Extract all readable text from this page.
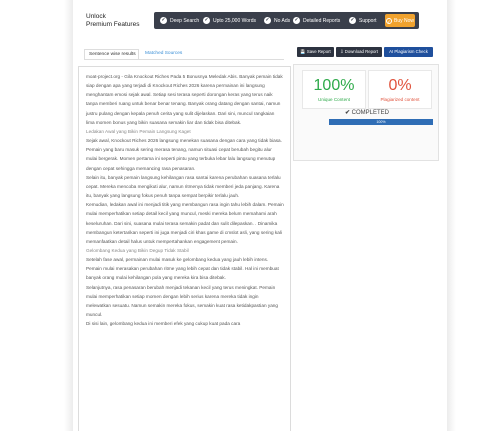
Unlock
Premium Features
✓ Deep Search ✓ Upto 25,000 Words ✓ No Ads ✓ Detailed Reports ✓ Support	✓ Buy Now
Sentence wise results	Matched Sources

moat-project.org - Gila Knockout Riches Pada 5 Bonusnya Meledak Abis. Banyak pemain tidak siap dengan apa yang terjadi di Knockout Riches 2026 karena permainan ini langsung menghantam emosi sejak awal. Setiap sesi terasa seperti dorongan keras yang terus naik tanpa memberi ruang untuk benar benar tenang. Banyak orang datang dengan santai, namun justru pulang dengan kepala penuh cerita yang sulit dijelaskan. Dari sini, muncul rangkaian lima momen bonus yang bikin suasana semakin liar dan tidak bisa ditebak.

Ledakan Awal yang Bikin Pemain Langsung Kaget

Sejak awal, Knockout Riches 2026 langsung menekan suasana dengan cara yang tidak biasa. Pemain yang baru masuk sering merasa tenang, namun situasi cepat berubah begitu alur mulai bergerak. Momen pertama ini seperti pintu yang terbuka lebar lalu langsung menutup dengan cepat sehingga memancing rasa penasaran.

Selain itu, banyak pemain langsung kehilangan rasa santai karena perubahan suasana terlalu cepat. Mereka mencoba mengikuti alur, namun ritmenya tidak memberi jeda panjang. Karena itu, banyak yang langsung fokus penuh tanpa sempat berpikir terlalu jauh.

Kemudian, ledakan awal ini menjadi titik yang membangun rasa ingin tahu lebih dalam. Pemain mulai memperhatikan setiap detail kecil yang muncul, meski mereka belum memahami arah keseluruhan. Dari sini, suasana mulai terasa semakin padat dan sulit dilepaskan. . Dinamika membangun ketertarikan seperti ini juga menjadi ciri khas game di cmslot asli, yang sering kali memanfaatkan detail halus untuk mempertahankan engagement pemain.

Gelombang Kedua yang Bikin Degup Tidak Stabil

Setelah fase awal, permainan mulai masuk ke gelombang kedua yang jauh lebih intens. Pemain mulai merasakan perubahan ritme yang lebih cepat dan tidak stabil. Hal ini membuat banyak orang mulai kehilangan pola yang mereka kira bisa ditebak.

Selanjutnya, rasa penasaran berubah menjadi tekanan kecil yang terus meningkat. Pemain mulai memperhatikan setiap momen dengan lebih serius karena mereka tidak ingin melewatkan sesuatu. Namun semakin mereka fokus, semakin kuat rasa ketidakpastian yang muncul.

Di sisi lain, gelombang kedua ini memberi efek yang cukup kuat pada cara

💾 Save Report	⇩ Download Report	AI Plagiarism Check
100%
Unique Content
0%
Plagiarized content
✔ COMPLETED
100%
